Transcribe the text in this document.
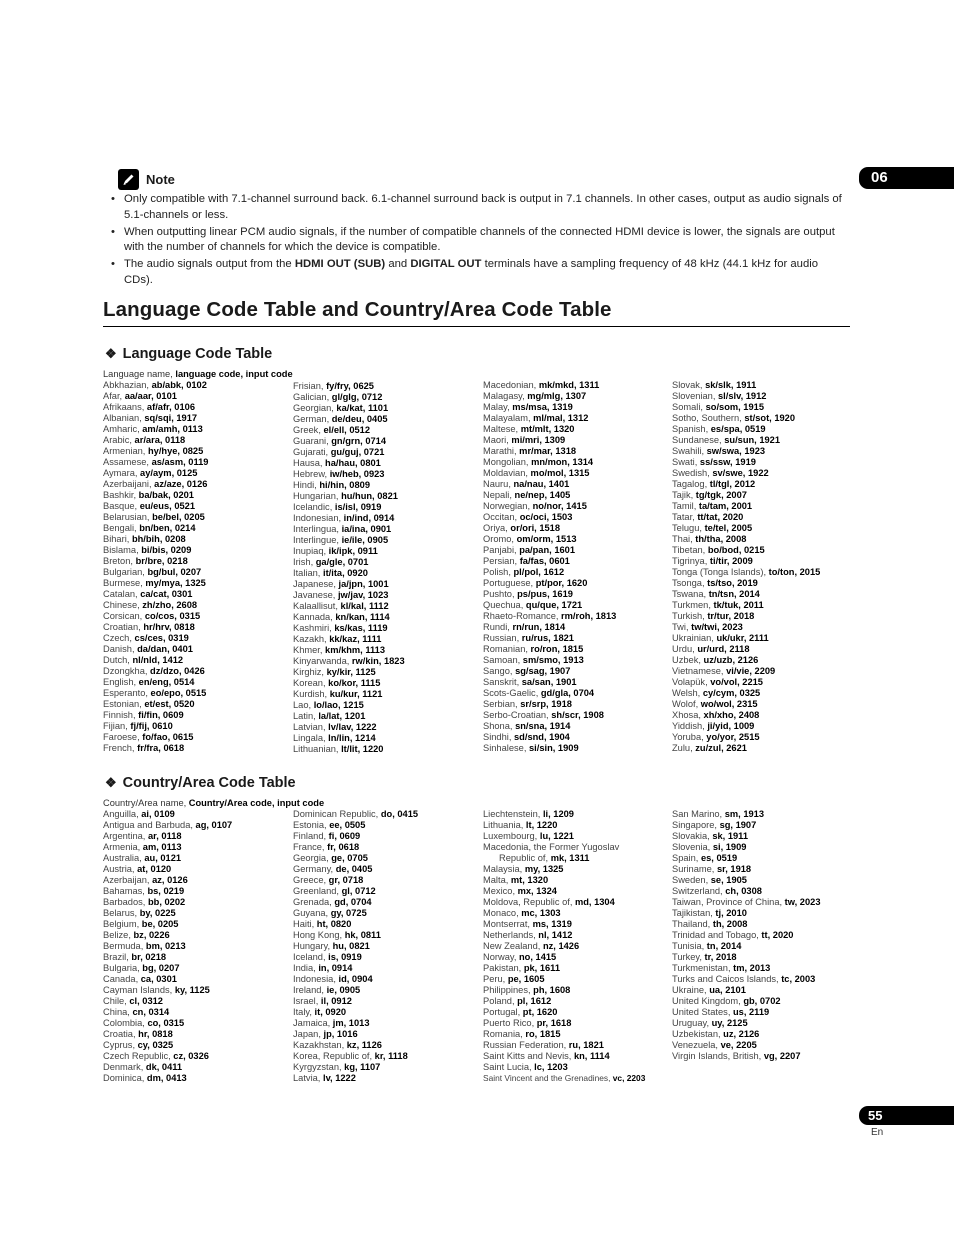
06
Note
• Only compatible with 7.1-channel surround back. 6.1-channel surround back is output in 7.1 channels. In other cases, output as audio signals of 5.1-channels or less.
• When outputting linear PCM audio signals, if the number of compatible channels of the connected HDMI device is lower, the signals are output with the number of channels for which the device is compatible.
• The audio signals output from the HDMI OUT (SUB) and DIGITAL OUT terminals have a sampling frequency of 48 kHz (44.1 kHz for audio CDs).
Language Code Table and Country/Area Code Table
❖ Language Code Table
Language name, language code, input code
Abkhazian, ab/abk, 0102
Afar, aa/aar, 0101
Afrikaans, af/afr, 0106
Albanian, sq/sqi, 1917
Amharic, am/amh, 0113
Arabic, ar/ara, 0118
Armenian, hy/hye, 0825
Assamese, as/asm, 0119
Aymara, ay/aym, 0125
Azerbaijani, az/aze, 0126
Bashkir, ba/bak, 0201
Basque, eu/eus, 0521
Belarusian, be/bel, 0205
Bengali, bn/ben, 0214
Bihari, bh/bih, 0208
Bislama, bi/bis, 0209
Breton, br/bre, 0218
Bulgarian, bg/bul, 0207
Burmese, my/mya, 1325
Catalan, ca/cat, 0301
Chinese, zh/zho, 2608
Corsican, co/cos, 0315
Croatian, hr/hrv, 0818
Czech, cs/ces, 0319
Danish, da/dan, 0401
Dutch, nl/nld, 1412
Dzongkha, dz/dzo, 0426
English, en/eng, 0514
Esperanto, eo/epo, 0515
Estonian, et/est, 0520
Finnish, fi/fin, 0609
Fijian, fj/fij, 0610
Faroese, fo/fao, 0615
French, fr/fra, 0618
Frisian, fy/fry, 0625
Galician, gl/glg, 0712
Georgian, ka/kat, 1101
German, de/deu, 0405
Greek, el/ell, 0512
Guarani, gn/grn, 0714
Gujarati, gu/guj, 0721
Hausa, ha/hau, 0801
Hebrew, iw/heb, 0923
Hindi, hi/hin, 0809
Hungarian, hu/hun, 0821
Icelandic, is/isl, 0919
Indonesian, in/ind, 0914
Interlingua, ia/ina, 0901
Interlingue, ie/ile, 0905
Inupiaq, ik/ipk, 0911
Irish, ga/gle, 0701
Italian, it/ita, 0920
Japanese, ja/jpn, 1001
Javanese, jw/jav, 1023
Kalaallisut, kl/kal, 1112
Kannada, kn/kan, 1114
Kashmiri, ks/kas, 1119
Kazakh, kk/kaz, 1111
Khmer, km/khm, 1113
Kinyarwanda, rw/kin, 1823
Kirghiz, ky/kir, 1125
Korean, ko/kor, 1115
Kurdish, ku/kur, 1121
Lao, lo/lao, 1215
Latin, la/lat, 1201
Latvian, lv/lav, 1222
Lingala, ln/lin, 1214
Lithuanian, lt/lit, 1220
Macedonian, mk/mkd, 1311
Malagasy, mg/mlg, 1307
Malay, ms/msa, 1319
Malayalam, ml/mal, 1312
Maltese, mt/mlt, 1320
Maori, mi/mri, 1309
Marathi, mr/mar, 1318
Mongolian, mn/mon, 1314
Moldavian, mo/mol, 1315
Nauru, na/nau, 1401
Nepali, ne/nep, 1405
Norwegian, no/nor, 1415
Occitan, oc/oci, 1503
Oriya, or/ori, 1518
Oromo, om/orm, 1513
Panjabi, pa/pan, 1601
Persian, fa/fas, 0601
Polish, pl/pol, 1612
Portuguese, pt/por, 1620
Pushto, ps/pus, 1619
Quechua, qu/que, 1721
Rhaeto-Romance, rm/roh, 1813
Rundi, rn/run, 1814
Russian, ru/rus, 1821
Romanian, ro/ron, 1815
Samoan, sm/smo, 1913
Sango, sg/sag, 1907
Sanskrit, sa/san, 1901
Scots-Gaelic, gd/gla, 0704
Serbian, sr/srp, 1918
Serbo-Croatian, sh/scr, 1908
Shona, sn/sna, 1914
Sindhi, sd/snd, 1904
Sinhalese, si/sin, 1909
Slovak, sk/slk, 1911
Slovenian, sl/slv, 1912
Somali, so/som, 1915
Sotho, Southern, st/sot, 1920
Spanish, es/spa, 0519
Sundanese, su/sun, 1921
Swahili, sw/swa, 1923
Swati, ss/ssw, 1919
Swedish, sv/swe, 1922
Tagalog, tl/tgl, 2012
Tajik, tg/tgk, 2007
Tamil, ta/tam, 2001
Tatar, tt/tat, 2020
Telugu, te/tel, 2005
Thai, th/tha, 2008
Tibetan, bo/bod, 0215
Tigrinya, ti/tir, 2009
Tonga (Tonga Islands), to/ton, 2015
Tsonga, ts/tso, 2019
Tswana, tn/tsn, 2014
Turkmen, tk/tuk, 2011
Turkish, tr/tur, 2018
Twi, tw/twi, 2023
Ukrainian, uk/ukr, 2111
Urdu, ur/urd, 2118
Uzbek, uz/uzb, 2126
Vietnamese, vi/vie, 2209
Volapük, vo/vol, 2215
Welsh, cy/cym, 0325
Wolof, wo/wol, 2315
Xhosa, xh/xho, 2408
Yiddish, ji/yid, 1009
Yoruba, yo/yor, 2515
Zulu, zu/zul, 2621
❖ Country/Area Code Table
Country/Area name, Country/Area code, input code
Anguilla, ai, 0109
Antigua and Barbuda, ag, 0107
Argentina, ar, 0118
Armenia, am, 0113
Australia, au, 0121
Austria, at, 0120
Azerbaijan, az, 0126
Bahamas, bs, 0219
Barbados, bb, 0202
Belarus, by, 0225
Belgium, be, 0205
Belize, bz, 0226
Bermuda, bm, 0213
Brazil, br, 0218
Bulgaria, bg, 0207
Canada, ca, 0301
Cayman Islands, ky, 1125
Chile, cl, 0312
China, cn, 0314
Colombia, co, 0315
Croatia, hr, 0818
Cyprus, cy, 0325
Czech Republic, cz, 0326
Denmark, dk, 0411
Dominica, dm, 0413
Dominican Republic, do, 0415
Estonia, ee, 0505
Finland, fi, 0609
France, fr, 0618
Georgia, ge, 0705
Germany, de, 0405
Greece, gr, 0718
Greenland, gl, 0712
Grenada, gd, 0704
Guyana, gy, 0725
Haiti, ht, 0820
Hong Kong, hk, 0811
Hungary, hu, 0821
Iceland, is, 0919
India, in, 0914
Indonesia, id, 0904
Ireland, ie, 0905
Israel, il, 0912
Italy, it, 0920
Jamaica, jm, 1013
Japan, jp, 1016
Kazakhstan, kz, 1126
Korea, Republic of, kr, 1118
Kyrgyzstan, kg, 1107
Latvia, lv, 1222
Liechtenstein, li, 1209
Lithuania, lt, 1220
Luxembourg, lu, 1221
Macedonia, the Former Yugoslav
Republic of, mk, 1311
Malaysia, my, 1325
Malta, mt, 1320
Mexico, mx, 1324
Moldova, Republic of, md, 1304
Monaco, mc, 1303
Montserrat, ms, 1319
Netherlands, nl, 1412
New Zealand, nz, 1426
Norway, no, 1415
Pakistan, pk, 1611
Peru, pe, 1605
Philippines, ph, 1608
Poland, pl, 1612
Portugal, pt, 1620
Puerto Rico, pr, 1618
Romania, ro, 1815
Russian Federation, ru, 1821
Saint Kitts and Nevis, kn, 1114
Saint Lucia, lc, 1203
Saint Vincent and the Grenadines, vc, 2203
San Marino, sm, 1913
Singapore, sg, 1907
Slovakia, sk, 1911
Slovenia, si, 1909
Spain, es, 0519
Suriname, sr, 1918
Sweden, se, 1905
Switzerland, ch, 0308
Taiwan, Province of China, tw, 2023
Tajikistan, tj, 2010
Thailand, th, 2008
Trinidad and Tobago, tt, 2020
Tunisia, tn, 2014
Turkey, tr, 2018
Turkmenistan, tm, 2013
Turks and Caicos Islands, tc, 2003
Ukraine, ua, 2101
United Kingdom, gb, 0702
United States, us, 2119
Uruguay, uy, 2125
Uzbekistan, uz, 2126
Venezuela, ve, 2205
Virgin Islands, British, vg, 2207
55
En
